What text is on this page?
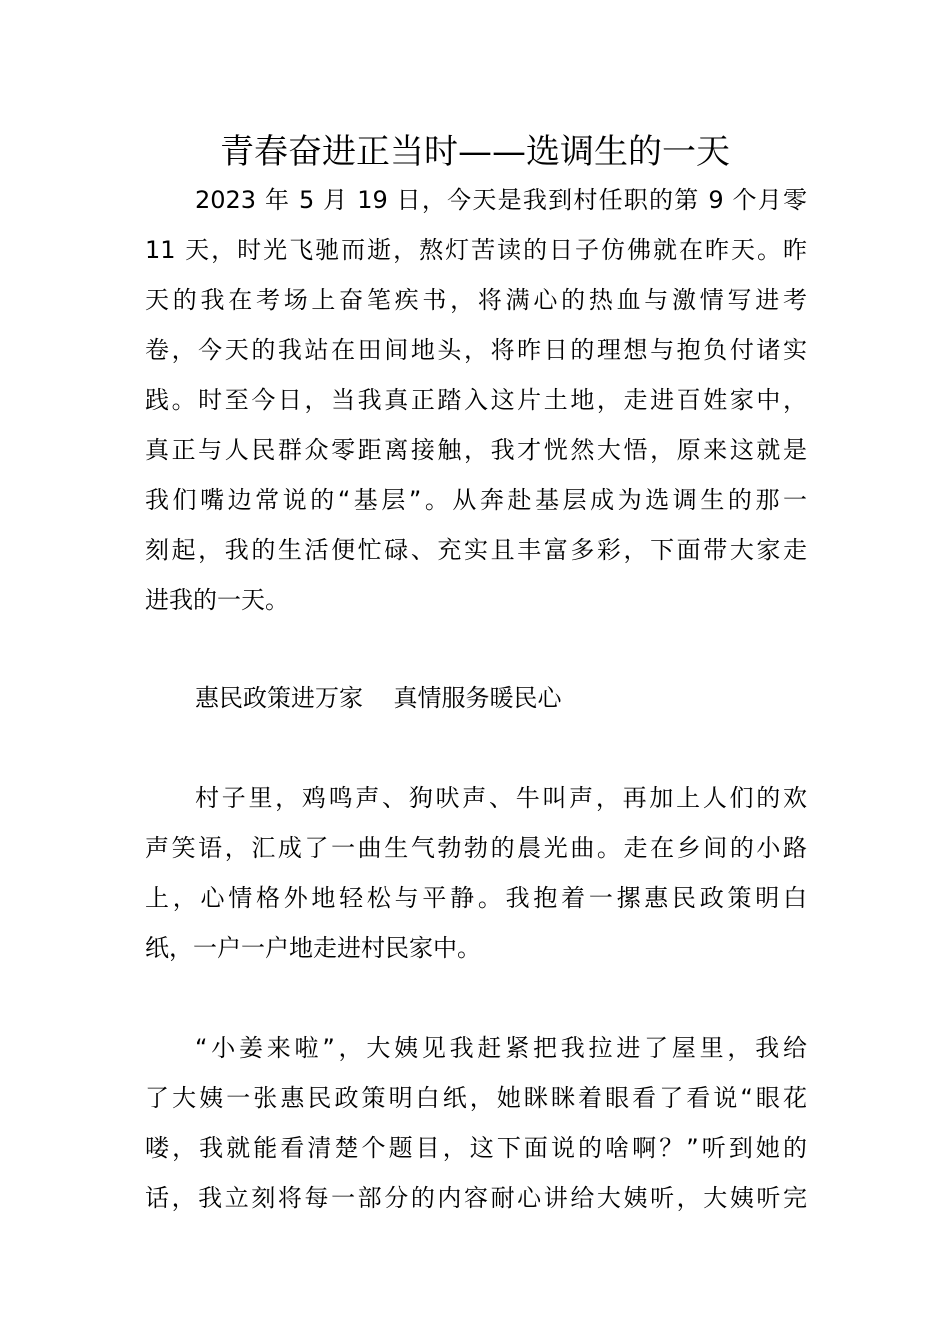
青春奋进正当时——选调生的一天
2023 年 5 月 19 日，今天是我到村任职的第 9 个月零
11 天，时光飞驰而逝，熬灯苦读的日子仿佛就在昨天。昨
天的我在考场上奋笔疾书，将满心的热血与激情写进考
卷，今天的我站在田间地头，将昨日的理想与抱负付诸实
践。时至今日，当我真正踏入这片土地，走进百姓家中，
真正与人民群众零距离接触，我才恍然大悟，原来这就是
我们嘴边常说的“基层”。从奔赴基层成为选调生的那一
刻起，我的生活便忙碌、充实且丰富多彩，下面带大家走
进我的一天。
惠民政策进万家    真情服务暖民心
村子里，鸡鸣声、狗吠声、牛叫声，再加上人们的欢
声笑语，汇成了一曲生气勃勃的晨光曲。走在乡间的小路
上，心情格外地轻松与平静。我抱着一摞惠民政策明白
纸，一户一户地走进村民家中。
“小姜来啦”，大姨见我赶紧把我拉进了屋里，我给
了大姨一张惠民政策明白纸，她眯眯着眼看了看说“眼花
喽，我就能看清楚个题目，这下面说的啥啊？”听到她的
话，我立刻将每一部分的内容耐心讲给大姨听，大姨听完
